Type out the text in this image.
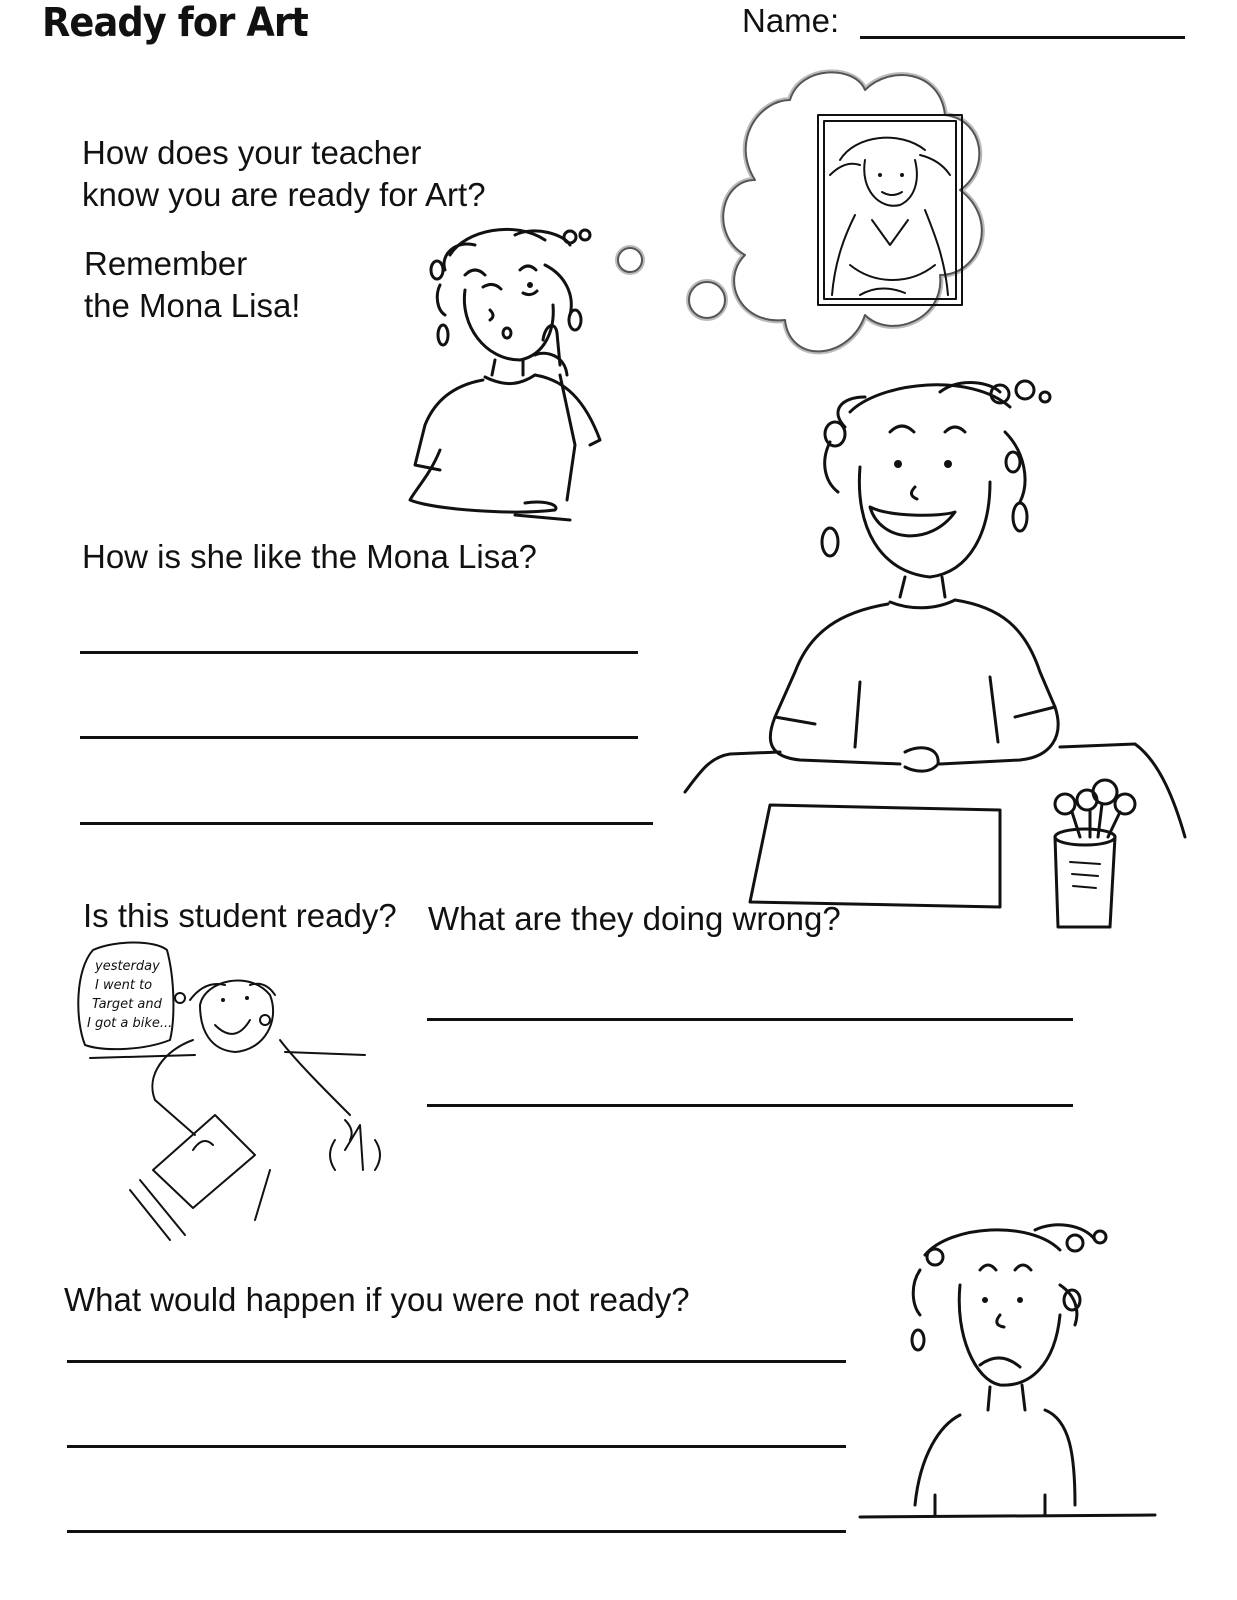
Ready for Art	Name:
How does your teacher
know you are ready for Art?
Remember
the Mona Lisa!
How is she like the Mona Lisa?
Is this student ready? What are they doing wrong?
yesterday
I went to
Target and
I got a bike...
What would happen if you were not ready?
